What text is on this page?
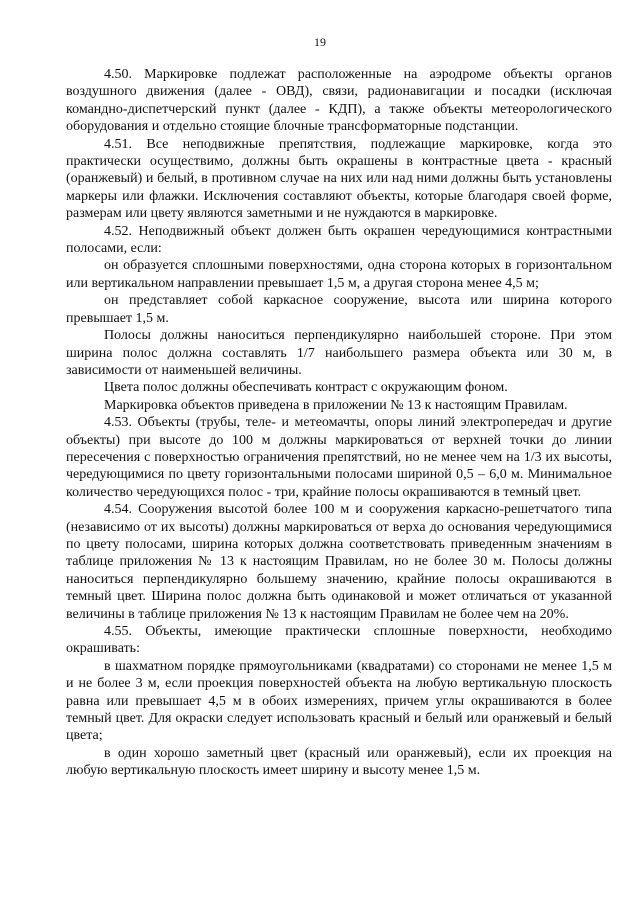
19

4.50. Маркировке подлежат расположенные на аэродроме объекты органов воздушного движения (далее - ОВД), связи, радионавигации и посадки (исключая командно-диспетчерский пункт (далее - КДП), а также объекты метеорологического оборудования и отдельно стоящие блочные трансформаторные подстанции.

4.51. Все неподвижные препятствия, подлежащие маркировке, когда это практически осуществимо, должны быть окрашены в контрастные цвета - красный (оранжевый) и белый, в противном случае на них или над ними должны быть установлены маркеры или флажки. Исключения составляют объекты, которые благодаря своей форме, размерам или цвету являются заметными и не нуждаются в маркировке.

4.52. Неподвижный объект должен быть окрашен чередующимися контрастными полосами, если:

он образуется сплошными поверхностями, одна сторона которых в горизонтальном или вертикальном направлении превышает 1,5 м, а другая сторона менее 4,5 м;

он представляет собой каркасное сооружение, высота или ширина которого превышает 1,5 м.

Полосы должны наноситься перпендикулярно наибольшей стороне. При этом ширина полос должна составлять 1/7 наибольшего размера объекта или 30 м, в зависимости от наименьшей величины.

Цвета полос должны обеспечивать контраст с окружающим фоном.

Маркировка объектов приведена в приложении № 13 к настоящим Правилам.

4.53. Объекты (трубы, теле- и метеомачты, опоры линий электропередач и другие объекты) при высоте до 100 м должны маркироваться от верхней точки до линии пересечения с поверхностью ограничения препятствий, но не менее чем на 1/3 их высоты, чередующимися по цвету горизонтальными полосами шириной 0,5 – 6,0 м. Минимальное количество чередующихся полос - три, крайние полосы окрашиваются в темный цвет.

4.54. Сооружения высотой более 100 м и сооружения каркасно-решетчатого типа (независимо от их высоты) должны маркироваться от верха до основания чередующимися по цвету полосами, ширина которых должна соответствовать приведенным значениям в таблице приложения № 13 к настоящим Правилам, но не более 30 м. Полосы должны наноситься перпендикулярно большему значению, крайние полосы окрашиваются в темный цвет. Ширина полос должна быть одинаковой и может отличаться от указанной величины в таблице приложения № 13 к настоящим Правилам не более чем на 20%.

4.55. Объекты, имеющие практически сплошные поверхности, необходимо окрашивать:

в шахматном порядке прямоугольниками (квадратами) со сторонами не менее 1,5 м и не более 3 м, если проекция поверхностей объекта на любую вертикальную плоскость равна или превышает 4,5 м в обоих измерениях, причем углы окрашиваются в более темный цвет. Для окраски следует использовать красный и белый или оранжевый и белый цвета;

в один хорошо заметный цвет (красный или оранжевый), если их проекция на любую вертикальную плоскость имеет ширину и высоту менее 1,5 м.
